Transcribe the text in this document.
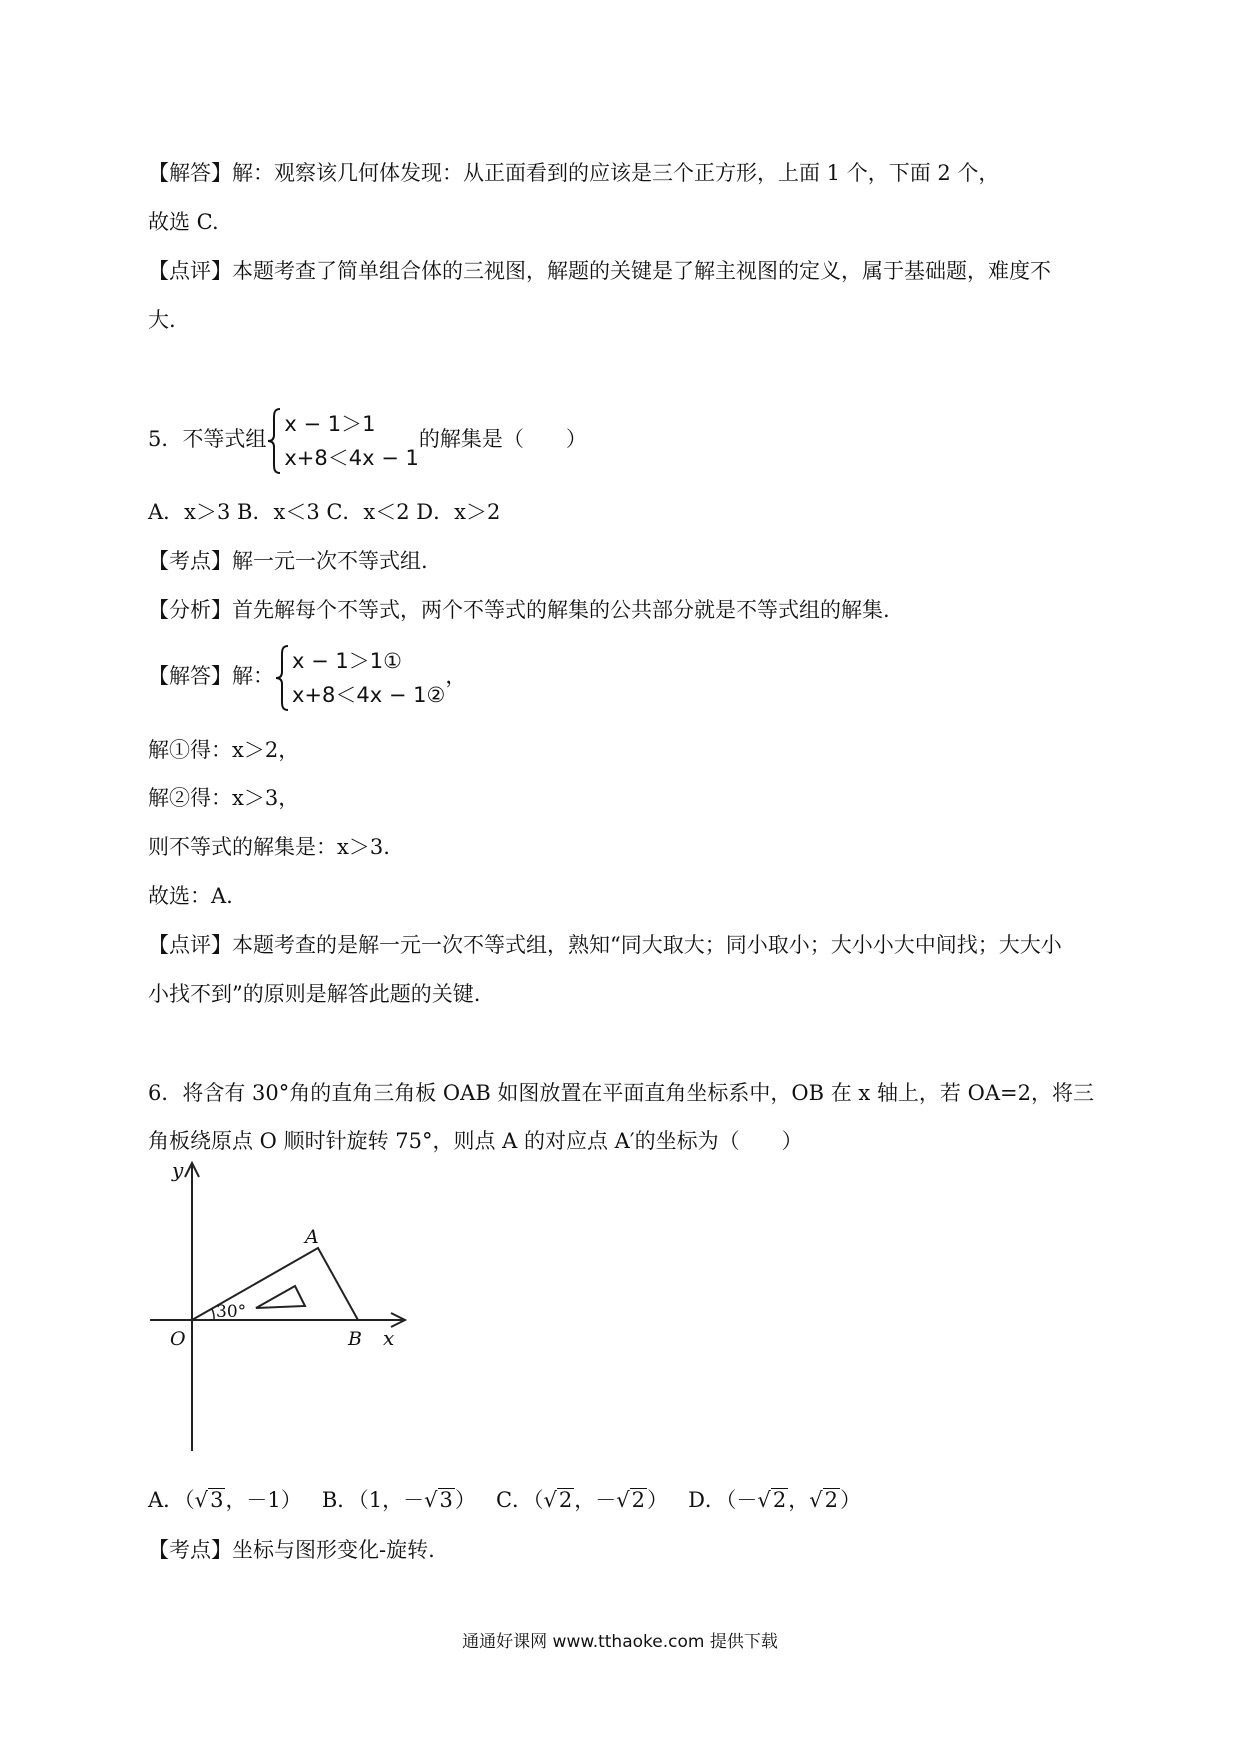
【解答】解：观察该几何体发现：从正面看到的应该是三个正方形，上面 1 个，下面 2 个，
故选 C.
【点评】本题考查了简单组合体的三视图，解题的关键是了解主视图的定义，属于基础题，难度不
大.
5．不等式组
x − 1＞1
x+8＜4x − 1
的解集是（　　）
A．x＞3 B．x＜3 C．x＜2 D．x＞2
【考点】解一元一次不等式组.
【分析】首先解每个不等式，两个不等式的解集的公共部分就是不等式组的解集.
【解答】解：
x − 1＞1①
x+8＜4x − 1②
，
解①得：x＞2，
解②得：x＞3，
则不等式的解集是：x＞3.
故选：A.
【点评】本题考查的是解一元一次不等式组，熟知“同大取大；同小取小；大小小大中间找；大大小
小找不到”的原则是解答此题的关键.
6．将含有 30°角的直角三角板 OAB 如图放置在平面直角坐标系中，OB 在 x 轴上，若 OA=2，将三
角板绕原点 O 顺时针旋转 75°，则点 A 的对应点 A′的坐标为（　　）
y
x
O
A
B
30°
A．（√3，－1） B．（1，－√3） C．（√2，－√2） D．（－√2，√2）
【考点】坐标与图形变化-旋转.
通通好课网 www.tthaoke.com 提供下载
